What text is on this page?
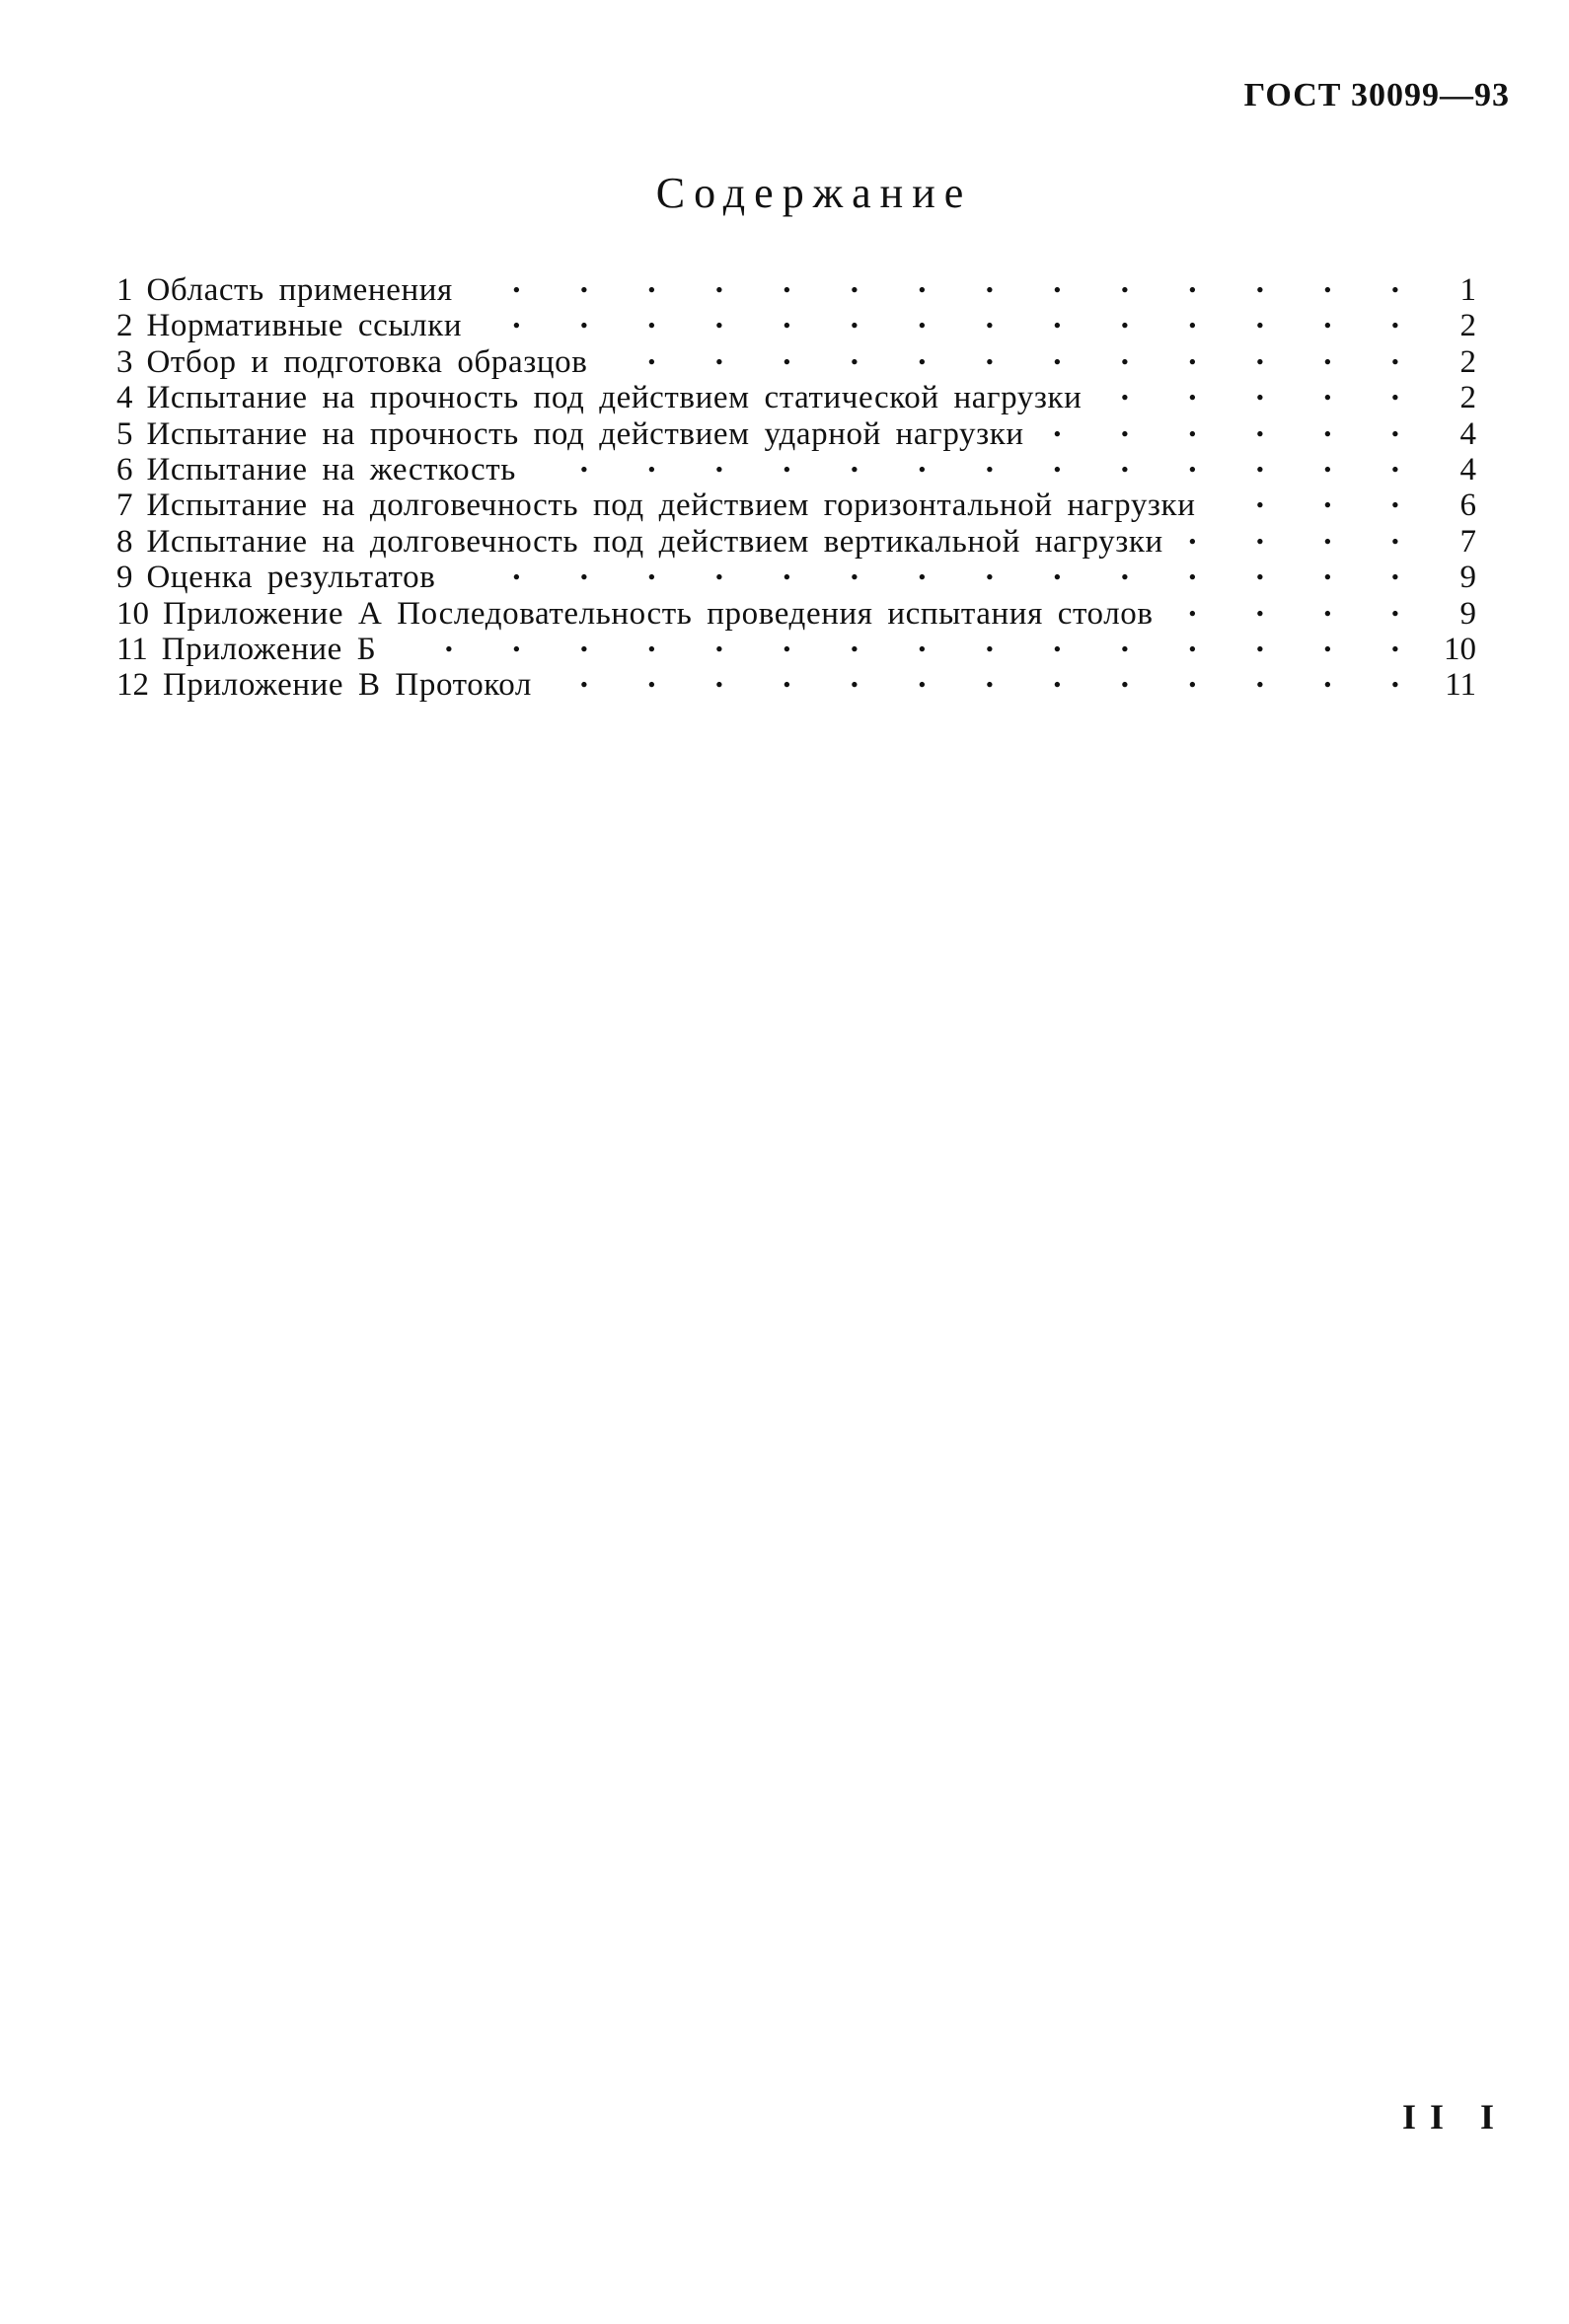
ГОСТ 30099—93
Содержание
1 Область применения . . .	1
2 Нормативные ссылки . . .	2
3 Отбор и подготовка образцов . . .	2
4 Испытание на прочность под действием статической нагрузки . . .	2
5 Испытание на прочность под действием ударной нагрузки . . .	4
6 Испытание на жесткость . . .	4
7 Испытание на долговечность под действием горизонтальной нагрузки . . .	6
8 Испытание на долговечность под действием вертикальной нагрузки . . .	7
9 Оценка результатов . . .	9
10 Приложение А Последовательность проведения испытания столов . . .	9
11 Приложение Б . . .	10
12 Приложение В Протокол . . .	11
II I
